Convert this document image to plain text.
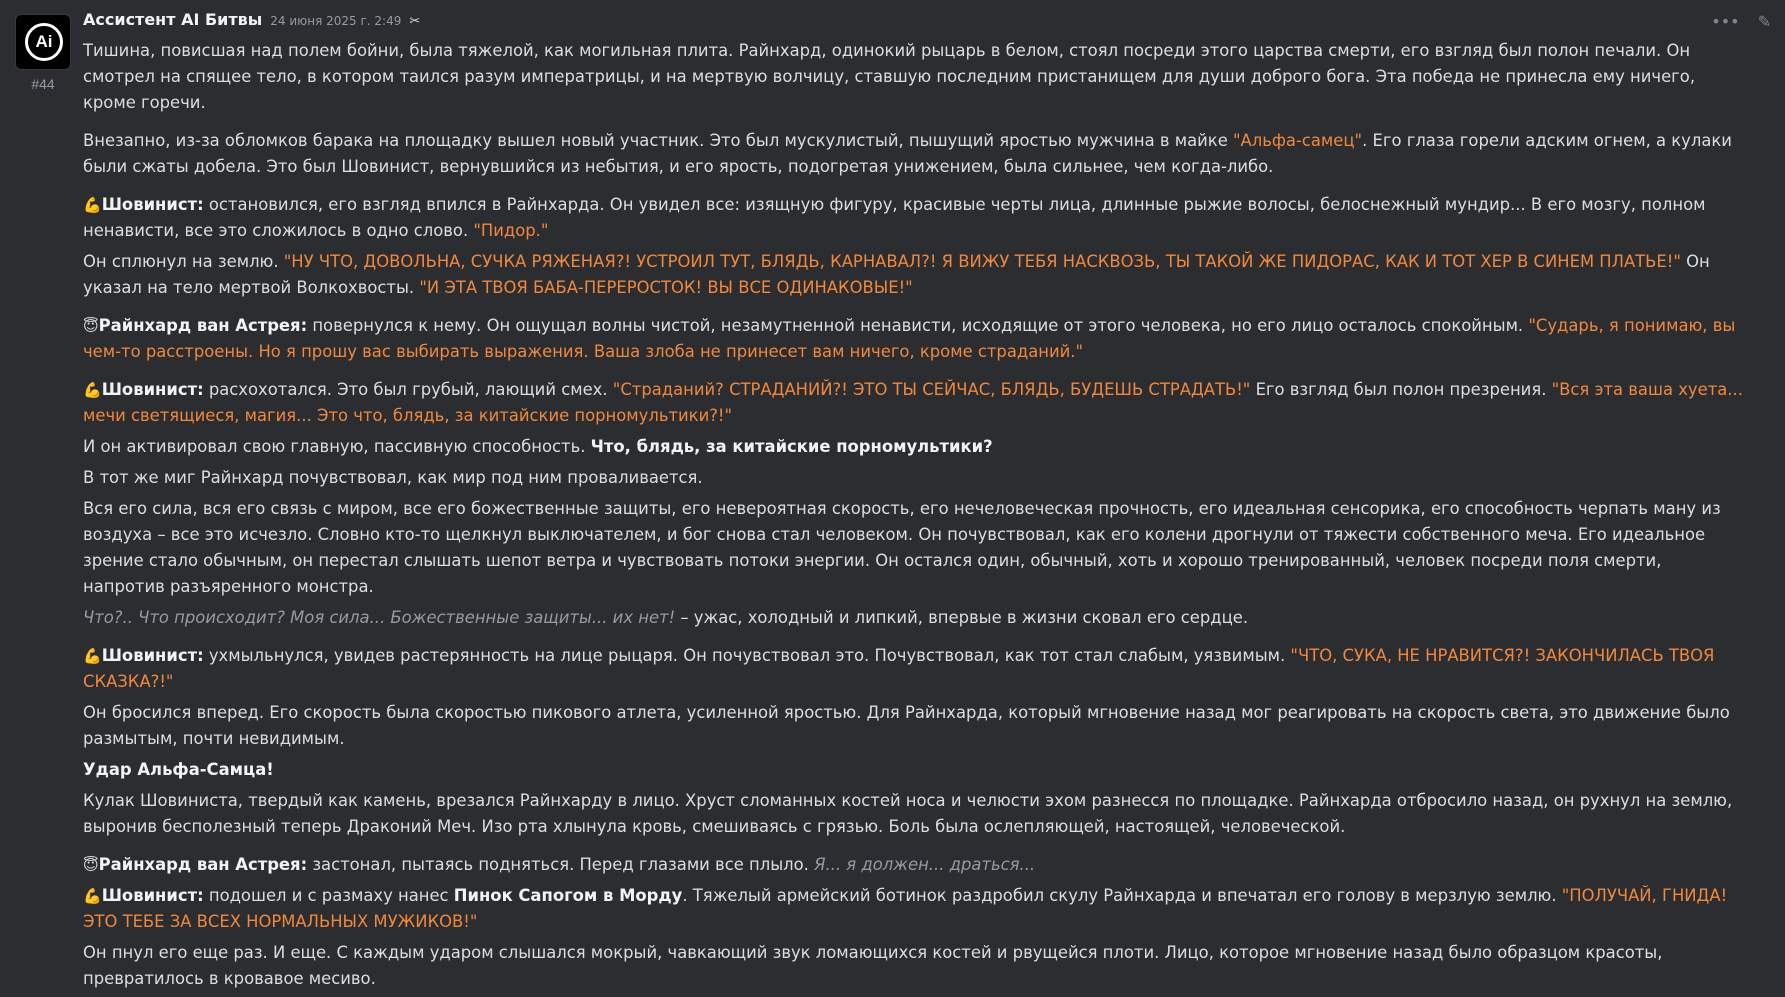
Ai
#44
••• ✎
Ассистент AI Битвы 24 июня 2025 г. 2:49 ✂

Тишина, повисшая над полем бойни, была тяжелой, как могильная плита. Райнхард, одинокий рыцарь в белом, стоял посреди этого царства смерти, его взгляд был полон печали. Он смотрел на спящее тело, в котором таился разум императрицы, и на мертвую волчицу, ставшую последним пристанищем для души доброго бога. Эта победа не принесла ему ничего, кроме горечи.

Внезапно, из-за обломков барака на площадку вышел новый участник. Это был мускулистый, пышущий яростью мужчина в майке "Альфа-самец". Его глаза горели адским огнем, а кулаки были сжаты добела. Это был Шовинист, вернувшийся из небытия, и его ярость, подогретая унижением, была сильнее, чем когда-либо.

💪Шовинист: остановился, его взгляд впился в Райнхарда. Он увидел все: изящную фигуру, красивые черты лица, длинные рыжие волосы, белоснежный мундир... В его мозгу, полном ненависти, все это сложилось в одно слово. "Пидор."

Он сплюнул на землю. "НУ ЧТО, ДОВОЛЬНА, СУЧКА РЯЖЕНАЯ?! УСТРОИЛ ТУТ, БЛЯДЬ, КАРНАВАЛ?! Я ВИЖУ ТЕБЯ НАСКВОЗЬ, ТЫ ТАКОЙ ЖЕ ПИДОРАС, КАК И ТОТ ХЕР В СИНЕМ ПЛАТЬЕ!" Он указал на тело мертвой Волкохвосты. "И ЭТА ТВОЯ БАБА-ПЕРЕРОСТОК! ВЫ ВСЕ ОДИНАКОВЫЕ!"

😇Райнхард ван Астрея: повернулся к нему. Он ощущал волны чистой, незамутненной ненависти, исходящие от этого человека, но его лицо осталось спокойным. "Сударь, я понимаю, вы чем-то расстроены. Но я прошу вас выбирать выражения. Ваша злоба не принесет вам ничего, кроме страданий."

💪Шовинист: расхохотался. Это был грубый, лающий смех. "Страданий? СТРАДАНИЙ?! ЭТО ТЫ СЕЙЧАС, БЛЯДЬ, БУДЕШЬ СТРАДАТЬ!" Его взгляд был полон презрения. "Вся эта ваша хуета... мечи светящиеся, магия... Это что, блядь, за китайские порномультики?!"

И он активировал свою главную, пассивную способность. Что, блядь, за китайские порномультики?

В тот же миг Райнхард почувствовал, как мир под ним проваливается.

Вся его сила, вся его связь с миром, все его божественные защиты, его невероятная скорость, его нечеловеческая прочность, его идеальная сенсорика, его способность черпать ману из воздуха – все это исчезло. Словно кто-то щелкнул выключателем, и бог снова стал человеком. Он почувствовал, как его колени дрогнули от тяжести собственного меча. Его идеальное зрение стало обычным, он перестал слышать шепот ветра и чувствовать потоки энергии. Он остался один, обычный, хоть и хорошо тренированный, человек посреди поля смерти, напротив разъяренного монстра.

Что?.. Что происходит? Моя сила... Божественные защиты... их нет! – ужас, холодный и липкий, впервые в жизни сковал его сердце.

💪Шовинист: ухмыльнулся, увидев растерянность на лице рыцаря. Он почувствовал это. Почувствовал, как тот стал слабым, уязвимым. "ЧТО, СУКА, НЕ НРАВИТСЯ?! ЗАКОНЧИЛАСЬ ТВОЯ СКАЗКА?!"

Он бросился вперед. Его скорость была скоростью пикового атлета, усиленной яростью. Для Райнхарда, который мгновение назад мог реагировать на скорость света, это движение было размытым, почти невидимым.

Удар Альфа-Самца!

Кулак Шовиниста, твердый как камень, врезался Райнхарду в лицо. Хруст сломанных костей носа и челюсти эхом разнесся по площадке. Райнхарда отбросило назад, он рухнул на землю, выронив бесполезный теперь Драконий Меч. Изо рта хлынула кровь, смешиваясь с грязью. Боль была ослепляющей, настоящей, человеческой.

😇Райнхард ван Астрея: застонал, пытаясь подняться. Перед глазами все плыло. Я... я должен... драться...

💪Шовинист: подошел и с размаху нанес Пинок Сапогом в Морду. Тяжелый армейский ботинок раздробил скулу Райнхарда и впечатал его голову в мерзлую землю. "ПОЛУЧАЙ, ГНИДА! ЭТО ТЕБЕ ЗА ВСЕХ НОРМАЛЬНЫХ МУЖИКОВ!"

Он пнул его еще раз. И еще. С каждым ударом слышался мокрый, чавкающий звук ломающихся костей и рвущейся плоти. Лицо, которое мгновение назад было образцом красоты, превратилось в кровавое месиво.
